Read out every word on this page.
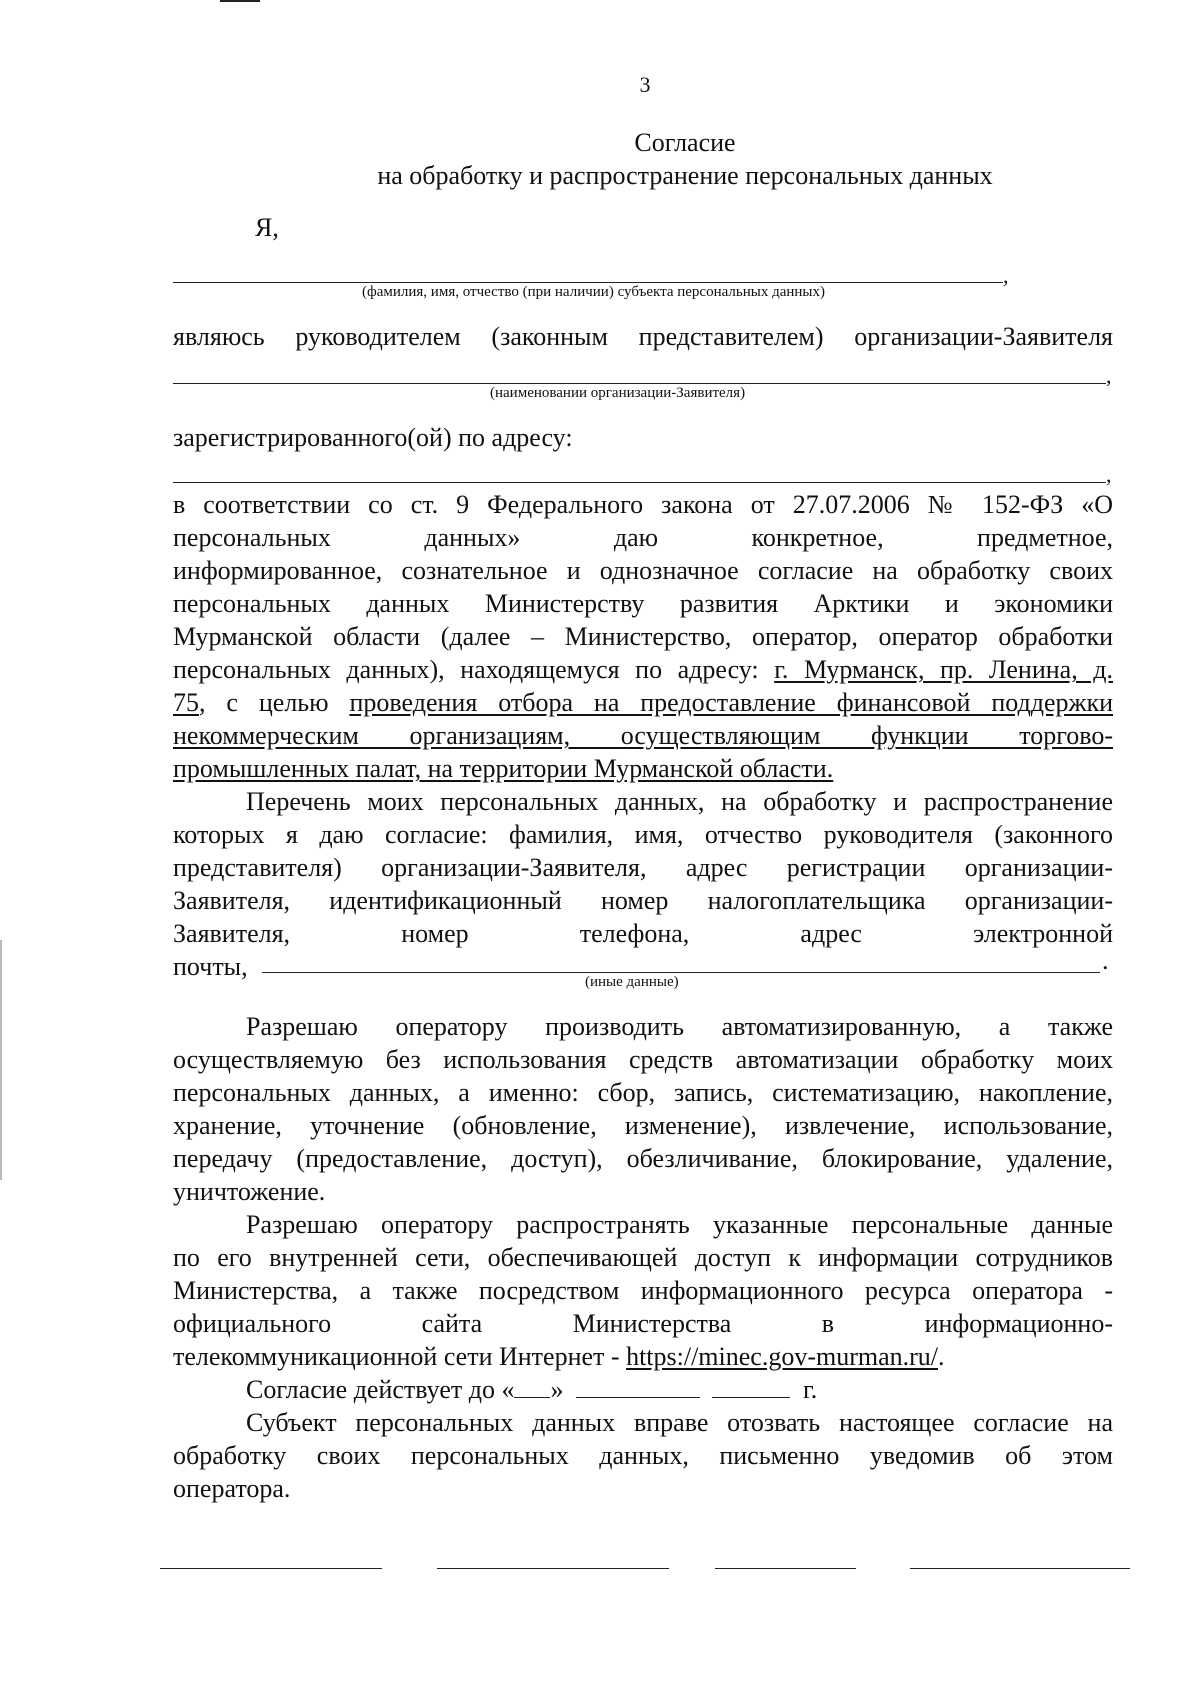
3
Согласие
на обработку и распространение персональных данных
Я,
,
(фамилия, имя, отчество (при наличии) субъекта персональных данных)
являюсь руководителем (законным представителем) организации-Заявителя
,
(наименовании организации-Заявителя)
зарегистрированного(ой) по адресу:
,
в соответствии со ст. 9 Федерального закона от 27.07.2006 № 152-ФЗ «О
персональных данных» даю конкретное, предметное,
информированное, сознательное и однозначное согласие на обработку своих
персональных данных Министерству развития Арктики и экономики
Мурманской области (далее – Министерство, оператор, оператор обработки
персональных данных), находящемуся по адресу: г. Мурманск, пр. Ленина, д.
75, с целью проведения отбора на предоставление финансовой поддержки
некоммерческим организациям, осуществляющим функции торгово-
промышленных палат, на территории Мурманской области.
Перечень моих персональных данных, на обработку и распространение
которых я даю согласие: фамилия, имя, отчество руководителя (законного
представителя) организации-Заявителя, адрес регистрации организации-
Заявителя, идентификационный номер налогоплательщика организации-
Заявителя, номер телефона, адрес электронной
почты,	.
(иные данные)
Разрешаю оператору производить автоматизированную, а также
осуществляемую без использования средств автоматизации обработку моих
персональных данных, а именно: сбор, запись, систематизацию, накопление,
хранение, уточнение (обновление, изменение), извлечение, использование,
передачу (предоставление, доступ), обезличивание, блокирование, удаление,
уничтожение.
Разрешаю оператору распространять указанные персональные данные
по его внутренней сети, обеспечивающей доступ к информации сотрудников
Министерства, а также посредством информационного ресурса оператора -
официального сайта Министерства в информационно-
телекоммуникационной сети Интернет - https://minec.gov-murman.ru/.
Согласие действует до « »	г.
Субъект персональных данных вправе отозвать настоящее согласие на
обработку своих персональных данных, письменно уведомив об этом
оператора.
